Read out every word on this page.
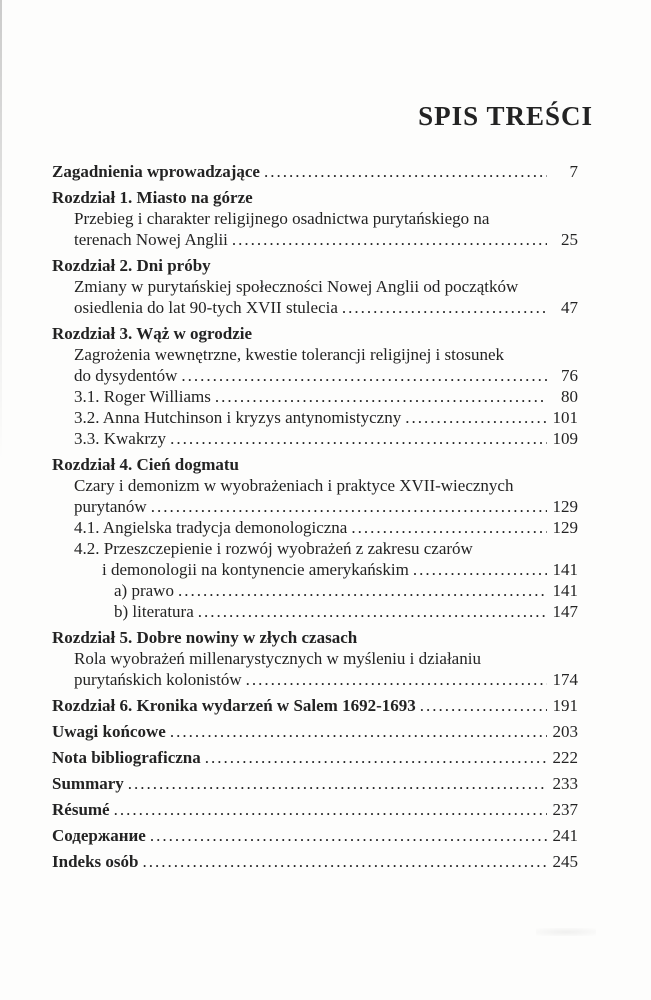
SPIS TREŚCI
Zagadnienia wprowadzające .....	7
Rozdział 1. Miasto na górze
Przebieg i charakter religijnego osadnictwa purytańskiego na
terenach Nowej Anglii .....	25
Rozdział 2. Dni próby
Zmiany w purytańskiej społeczności Nowej Anglii od początków
osiedlenia do lat 90-tych XVII stulecia .....	47
Rozdział 3. Wąż w ogrodzie
Zagrożenia wewnętrzne, kwestie tolerancji religijnej i stosunek
do dysydentów .....	76
3.1. Roger Williams .....	80
3.2. Anna Hutchinson i kryzys antynomistyczny .....	101
3.3. Kwakrzy .....	109
Rozdział 4. Cień dogmatu
Czary i demonizm w wyobrażeniach i praktyce XVII-wiecznych
purytanów .....	129
4.1. Angielska tradycja demonologiczna .....	129
4.2. Przeszczepienie i rozwój wyobrażeń z zakresu czarów
i demonologii na kontynencie amerykańskim .....	141
a) prawo .....	141
b) literatura .....	147
Rozdział 5. Dobre nowiny w złych czasach
Rola wyobrażeń millenarystycznych w myśleniu i działaniu
purytańskich kolonistów .....	174
Rozdział 6. Kronika wydarzeń w Salem 1692-1693 .....	191
Uwagi końcowe .....	203
Nota bibliograficzna .....	222
Summary .....	233
Résumé .....	237
Содержание .....	241
Indeks osób .....	245
